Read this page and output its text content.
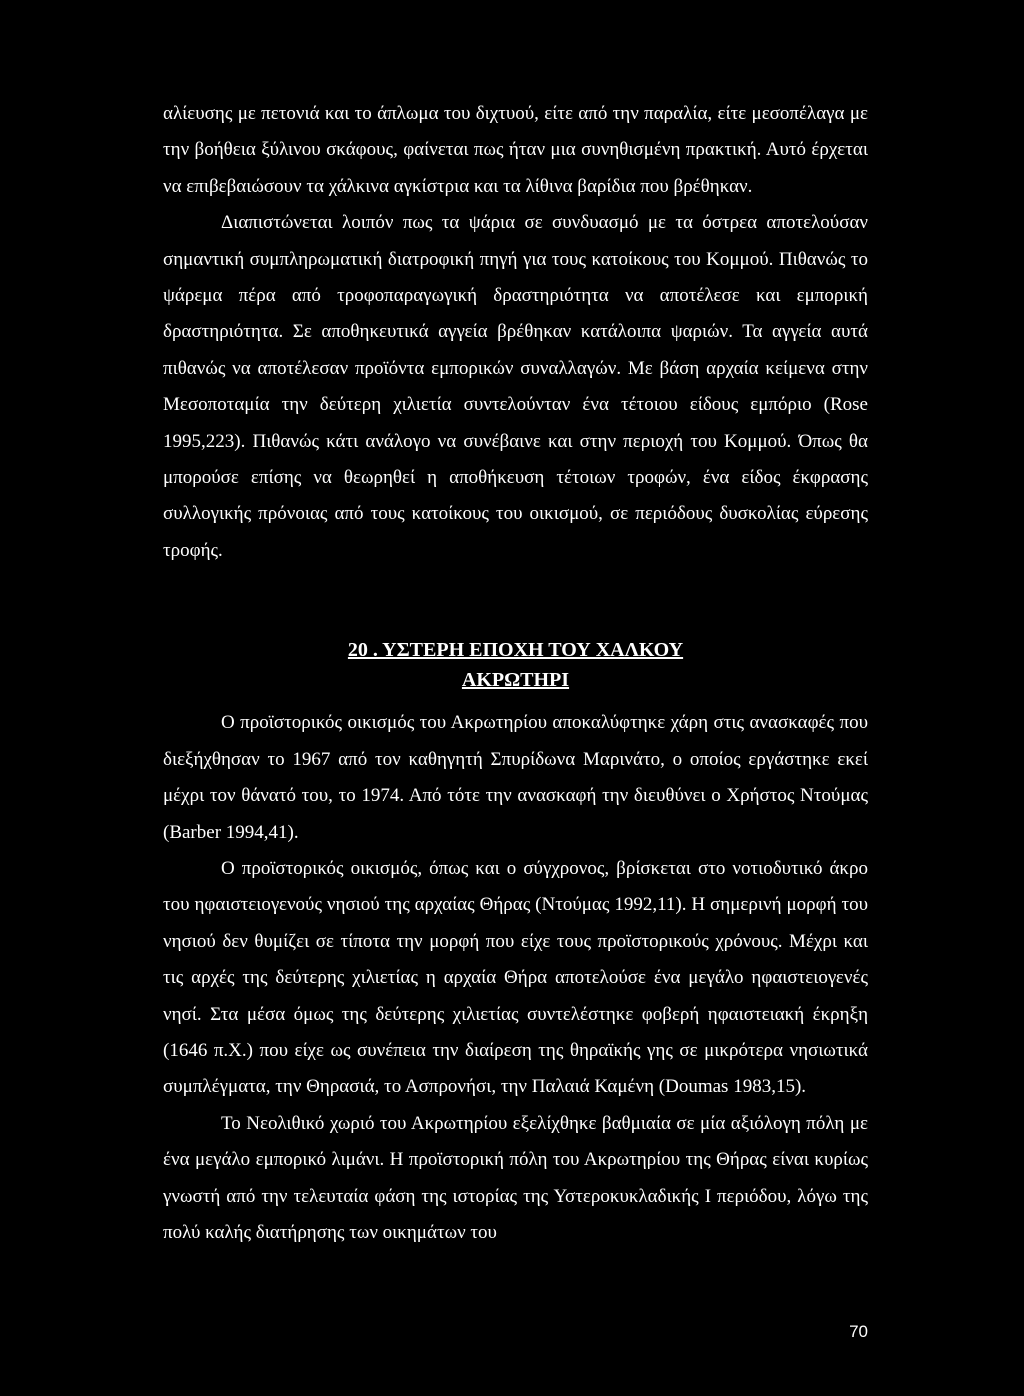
αλίευσης με πετονιά και το άπλωμα του διχτυού, είτε από την παραλία, είτε μεσοπέλαγα με την βοήθεια ξύλινου σκάφους, φαίνεται πως ήταν μια συνηθισμένη πρακτική. Αυτό έρχεται να επιβεβαιώσουν τα χάλκινα αγκίστρια και τα λίθινα βαρίδια που βρέθηκαν.

Διαπιστώνεται λοιπόν πως τα ψάρια σε συνδυασμό με τα όστρεα αποτελούσαν σημαντική συμπληρωματική διατροφική πηγή για τους κατοίκους του Κομμού. Πιθανώς το ψάρεμα πέρα από τροφοπαραγωγική δραστηριότητα να αποτέλεσε και εμπορική δραστηριότητα. Σε αποθηκευτικά αγγεία βρέθηκαν κατάλοιπα ψαριών. Τα αγγεία αυτά πιθανώς να αποτέλεσαν προϊόντα εμπορικών συναλλαγών. Με βάση αρχαία κείμενα στην Μεσοποταμία την δεύτερη χιλιετία συντελούνταν ένα τέτοιου είδους εμπόριο (Rose 1995,223). Πιθανώς κάτι ανάλογο να συνέβαινε και στην περιοχή του Κομμού. Όπως θα μπορούσε επίσης να θεωρηθεί η αποθήκευση τέτοιων τροφών, ένα είδος έκφρασης συλλογικής πρόνοιας από τους κατοίκους του οικισμού, σε περιόδους δυσκολίας εύρεσης τροφής.

20 . ΥΣΤΕΡΗ ΕΠΟΧΗ ΤΟΥ ΧΑΛΚΟΥ

ΑΚΡΩΤΗΡΙ

Ο προϊστορικός οικισμός του Ακρωτηρίου αποκαλύφτηκε χάρη στις ανασκαφές που διεξήχθησαν το 1967 από τον καθηγητή Σπυρίδωνα Μαρινάτο, ο οποίος εργάστηκε εκεί μέχρι τον θάνατό του, το 1974. Από τότε την ανασκαφή την διευθύνει ο Χρήστος Ντούμας (Barber 1994,41).

Ο προϊστορικός οικισμός, όπως και ο σύγχρονος, βρίσκεται στο νοτιοδυτικό άκρο του ηφαιστειογενούς νησιού της αρχαίας Θήρας (Ντούμας 1992,11). Η σημερινή μορφή του νησιού δεν θυμίζει σε τίποτα την μορφή που είχε τους προϊστορικούς χρόνους. Μέχρι και τις αρχές της δεύτερης χιλιετίας η αρχαία Θήρα αποτελούσε ένα μεγάλο ηφαιστειογενές νησί. Στα μέσα όμως της δεύτερης χιλιετίας συντελέστηκε φοβερή ηφαιστειακή έκρηξη (1646 π.Χ.) που είχε ως συνέπεια την διαίρεση της θηραϊκής γης σε μικρότερα νησιωτικά συμπλέγματα, την Θηρασιά, το Ασπρονήσι, την Παλαιά Καμένη (Doumas 1983,15).

Το Νεολιθικό χωριό του Ακρωτηρίου εξελίχθηκε βαθμιαία σε μία αξιόλογη πόλη με ένα μεγάλο εμπορικό λιμάνι. Η προϊστορική πόλη του Ακρωτηρίου της Θήρας είναι κυρίως γνωστή από την τελευταία φάση της ιστορίας της Υστεροκυκλαδικής Ι περιόδου, λόγω της πολύ καλής διατήρησης των οικημάτων του

70
